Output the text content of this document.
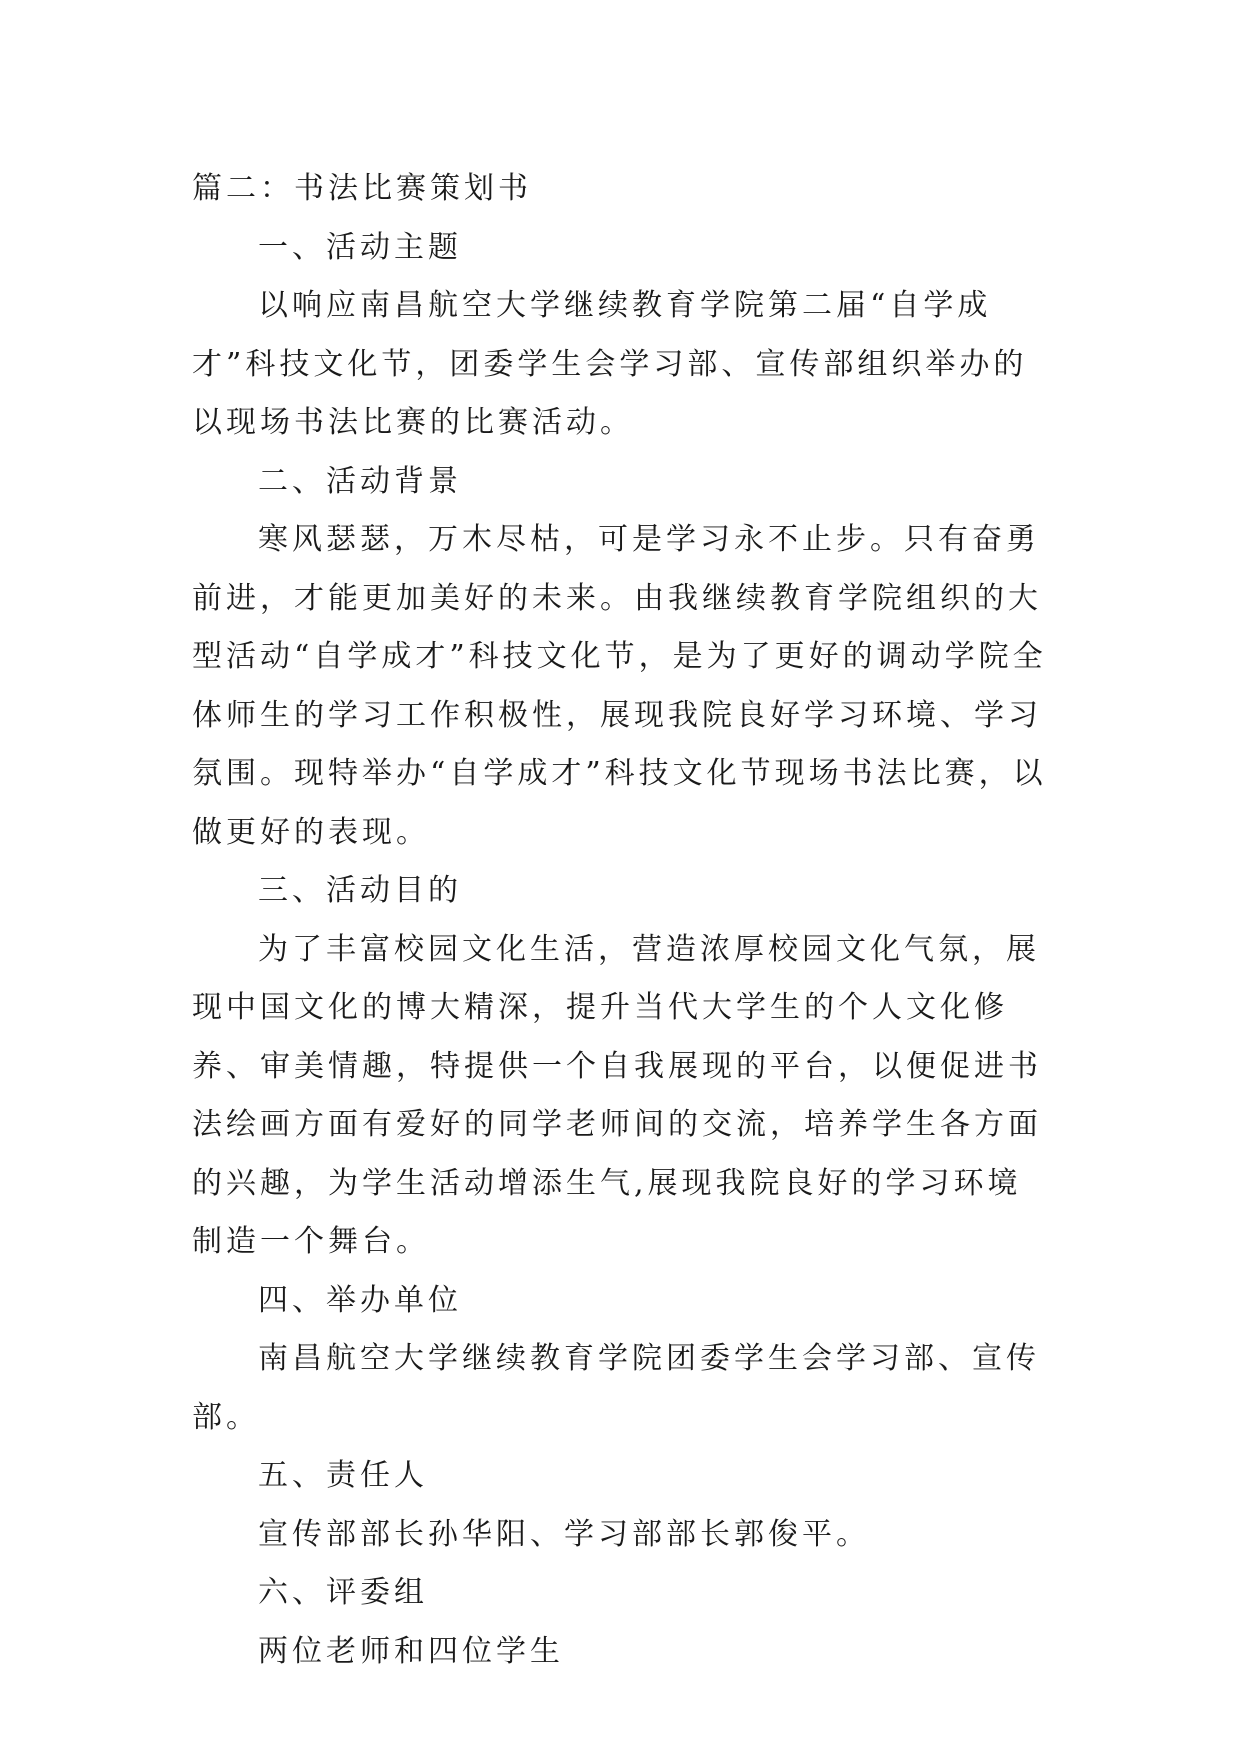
篇二：书法比赛策划书

一、活动主题

以响应南昌航空大学继续教育学院第二届“自学成才”科技文化节，团委学生会学习部、宣传部组织举办的以现场书法比赛的比赛活动。

二、活动背景

寒风瑟瑟，万木尽枯，可是学习永不止步。只有奋勇前进，才能更加美好的未来。由我继续教育学院组织的大型活动“自学成才”科技文化节，是为了更好的调动学院全体师生的学习工作积极性，展现我院良好学习环境、学习氛围。现特举办“自学成才”科技文化节现场书法比赛，以做更好的表现。

三、活动目的

为了丰富校园文化生活，营造浓厚校园文化气氛，展现中国文化的博大精深，提升当代大学生的个人文化修养、审美情趣，特提供一个自我展现的平台，以便促进书法绘画方面有爱好的同学老师间的交流，培养学生各方面的兴趣，为学生活动增添生气,展现我院良好的学习环境制造一个舞台。

四、举办单位

南昌航空大学继续教育学院团委学生会学习部、宣传部。

五、责任人

宣传部部长孙华阳、学习部部长郭俊平。

六、评委组

两位老师和四位学生
